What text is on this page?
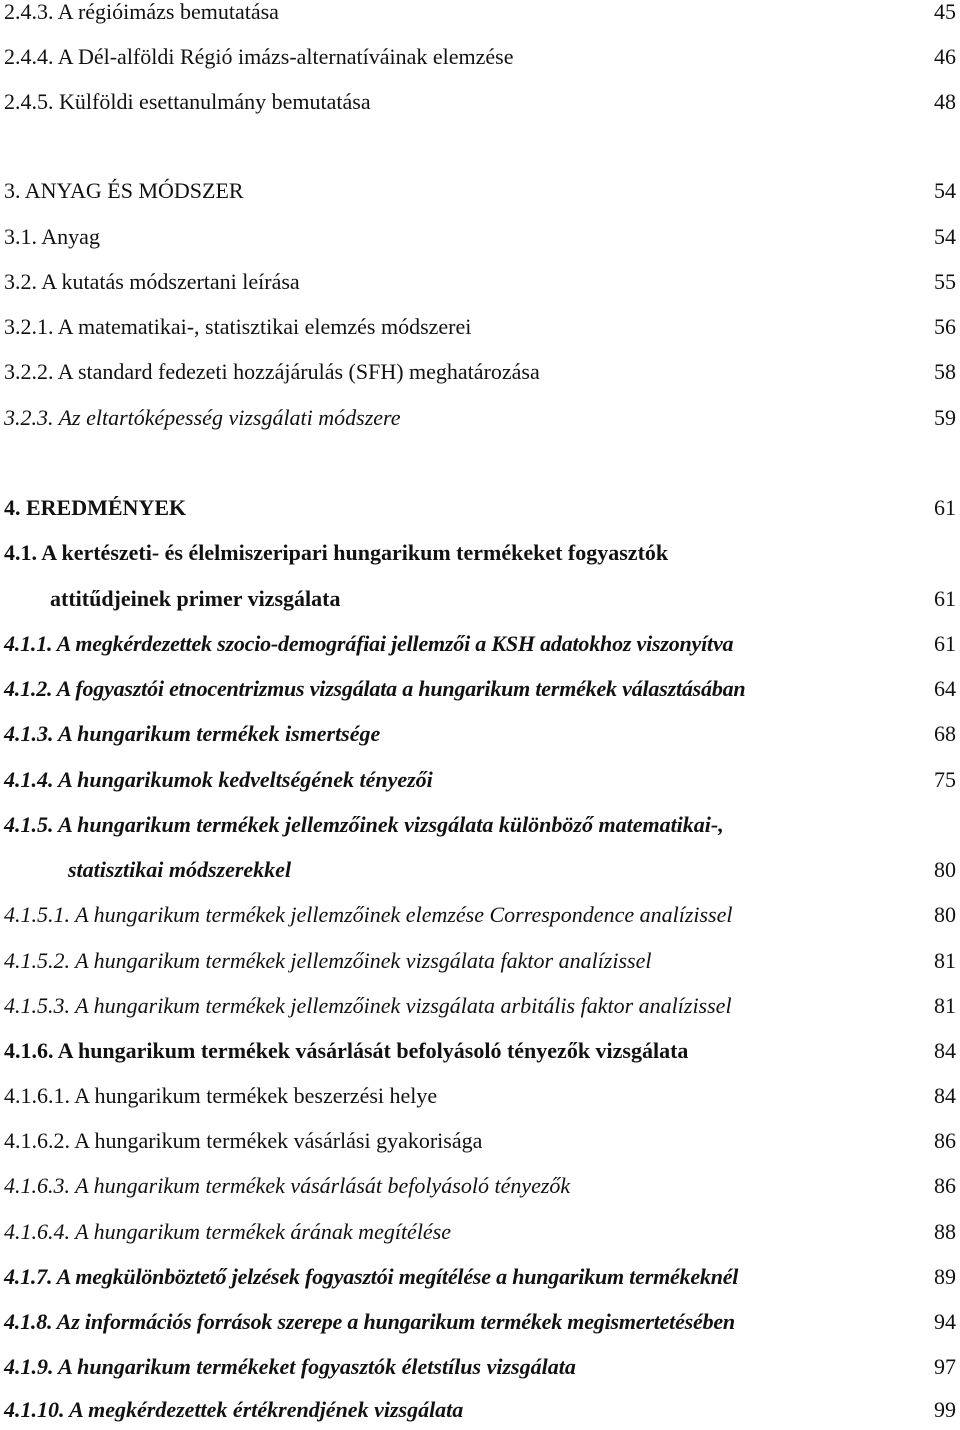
2.4.3. A régióimázs bemutatása	45
2.4.4. A Dél-alföldi Régió imázs-alternatíváinak elemzése	46
2.4.5. Külföldi esettanulmány bemutatása	48
3. ANYAG ÉS MÓDSZER	54
3.1. Anyag	54
3.2. A kutatás módszertani leírása	55
3.2.1. A matematikai-, statisztikai elemzés módszerei	56
3.2.2. A standard fedezeti hozzájárulás (SFH) meghatározása	58
3.2.3. Az eltartóképesség vizsgálati módszere	59
4. EREDMÉNYEK	61
4.1. A kertészeti- és élelmiszeripari hungarikum termékeket fogyasztók
attitűdjeinek primer vizsgálata	61
4.1.1. A megkérdezettek szocio-demográfiai jellemzői a KSH adatokhoz viszonyítva	61
4.1.2. A fogyasztói etnocentrizmus vizsgálata a hungarikum termékek választásában	64
4.1.3. A hungarikum termékek ismertsége	68
4.1.4. A hungarikumok kedveltségének tényezői	75
4.1.5. A hungarikum termékek jellemzőinek vizsgálata különböző matematikai-,
statisztikai módszerekkel	80
4.1.5.1. A hungarikum termékek jellemzőinek elemzése Correspondence analízissel	80
4.1.5.2. A hungarikum termékek jellemzőinek vizsgálata faktor analízissel	81
4.1.5.3. A hungarikum termékek jellemzőinek vizsgálata arbitális faktor analízissel	81
4.1.6. A hungarikum termékek vásárlását befolyásoló tényezők vizsgálata	84
4.1.6.1. A hungarikum termékek beszerzési helye	84
4.1.6.2. A hungarikum termékek vásárlási gyakorisága	86
4.1.6.3. A hungarikum termékek vásárlását befolyásoló tényezők	86
4.1.6.4. A hungarikum termékek árának megítélése	88
4.1.7. A megkülönböztető jelzések fogyasztói megítélése a hungarikum termékeknél	89
4.1.8. Az információs források szerepe a hungarikum termékek megismertetésében	94
4.1.9. A hungarikum termékeket fogyasztók életstílus vizsgálata	97
4.1.10. A megkérdezettek értékrendjének vizsgálata	99
